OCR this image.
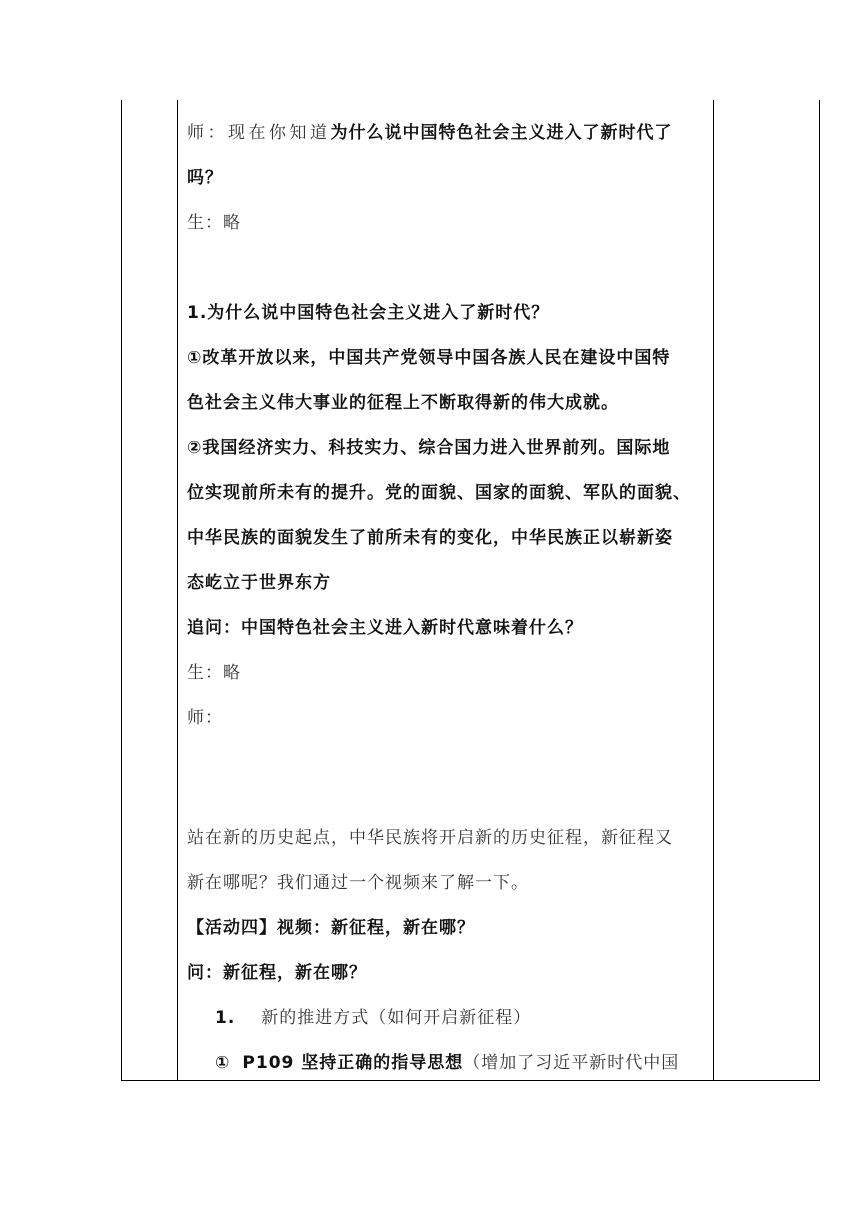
师：现在你知道为什么说中国特色社会主义进入了新时代了
吗？
生：略
1.为什么说中国特色社会主义进入了新时代？
①改革开放以来，中国共产党领导中国各族人民在建设中国特
色社会主义伟大事业的征程上不断取得新的伟大成就。
②我国经济实力、科技实力、综合国力进入世界前列。国际地
位实现前所未有的提升。党的面貌、国家的面貌、军队的面貌、
中华民族的面貌发生了前所未有的变化，中华民族正以崭新姿
态屹立于世界东方
追问：中国特色社会主义进入新时代意味着什么？
生：略
师：
站在新的历史起点，中华民族将开启新的历史征程，新征程又
新在哪呢？我们通过一个视频来了解一下。
【活动四】视频：新征程，新在哪？
问：新征程，新在哪？
1. 新的推进方式（如何开启新征程）
① P109 坚持正确的指导思想（增加了习近平新时代中国
